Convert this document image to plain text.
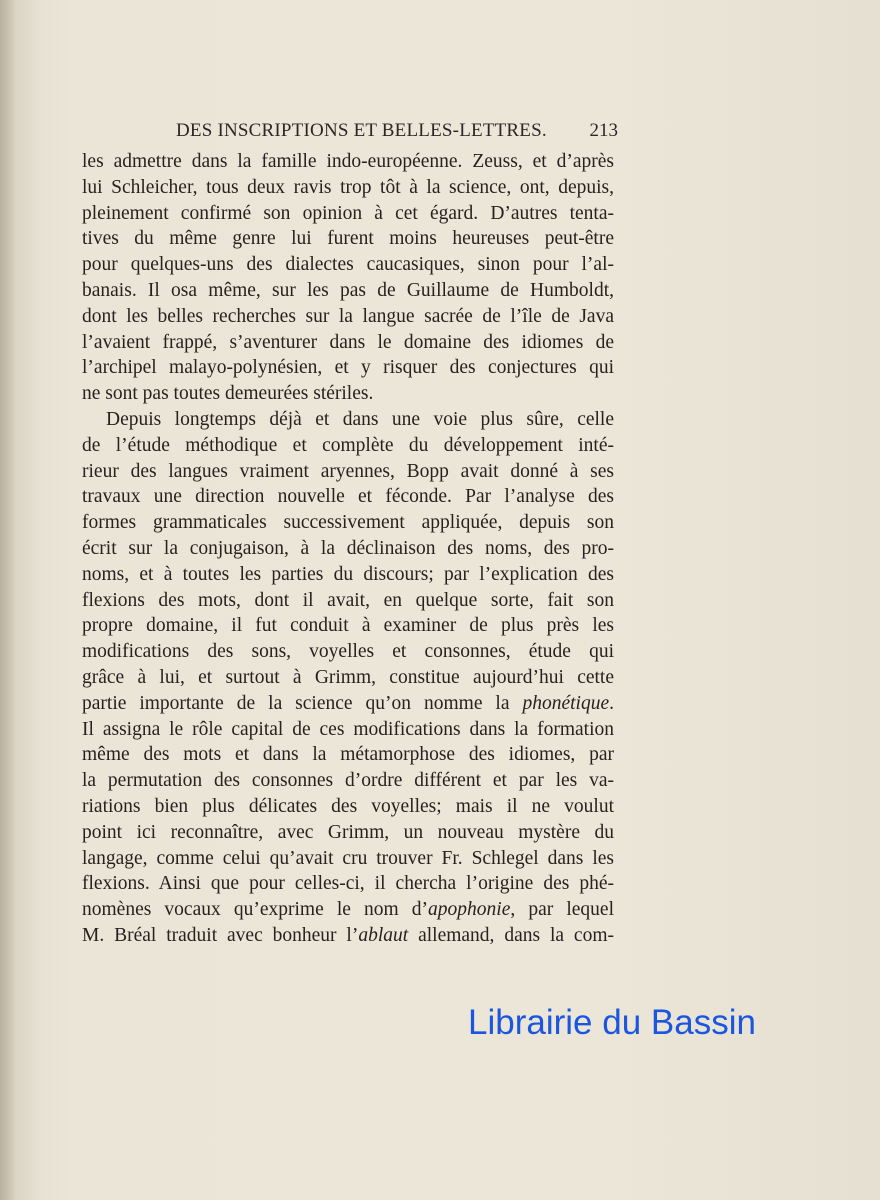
DES INSCRIPTIONS ET BELLES-LETTRES. 213
les admettre dans la famille indo-européenne. Zeuss, et d’après
lui Schleicher, tous deux ravis trop tôt à la science, ont, depuis,
pleinement confirmé son opinion à cet égard. D’autres tenta-
tives du même genre lui furent moins heureuses peut-être
pour quelques-uns des dialectes caucasiques, sinon pour l’al-
banais. Il osa même, sur les pas de Guillaume de Humboldt,
dont les belles recherches sur la langue sacrée de l’île de Java
l’avaient frappé, s’aventurer dans le domaine des idiomes de
l’archipel malayo-polynésien, et y risquer des conjectures qui
ne sont pas toutes demeurées stériles.
Depuis longtemps déjà et dans une voie plus sûre, celle
de l’étude méthodique et complète du développement inté-
rieur des langues vraiment aryennes, Bopp avait donné à ses
travaux une direction nouvelle et féconde. Par l’analyse des
formes grammaticales successivement appliquée, depuis son
écrit sur la conjugaison, à la déclinaison des noms, des pro-
noms, et à toutes les parties du discours; par l’explication des
flexions des mots, dont il avait, en quelque sorte, fait son
propre domaine, il fut conduit à examiner de plus près les
modifications des sons, voyelles et consonnes, étude qui
grâce à lui, et surtout à Grimm, constitue aujourd’hui cette
partie importante de la science qu’on nomme la phonétique.
Il assigna le rôle capital de ces modifications dans la formation
même des mots et dans la métamorphose des idiomes, par
la permutation des consonnes d’ordre différent et par les va-
riations bien plus délicates des voyelles; mais il ne voulut
point ici reconnaître, avec Grimm, un nouveau mystère du
langage, comme celui qu’avait cru trouver Fr. Schlegel dans les
flexions. Ainsi que pour celles-ci, il chercha l’origine des phé-
nomènes vocaux qu’exprime le nom d’apophonie, par lequel
M. Bréal traduit avec bonheur l’ablaut allemand, dans la com-
Librairie du Bassin
